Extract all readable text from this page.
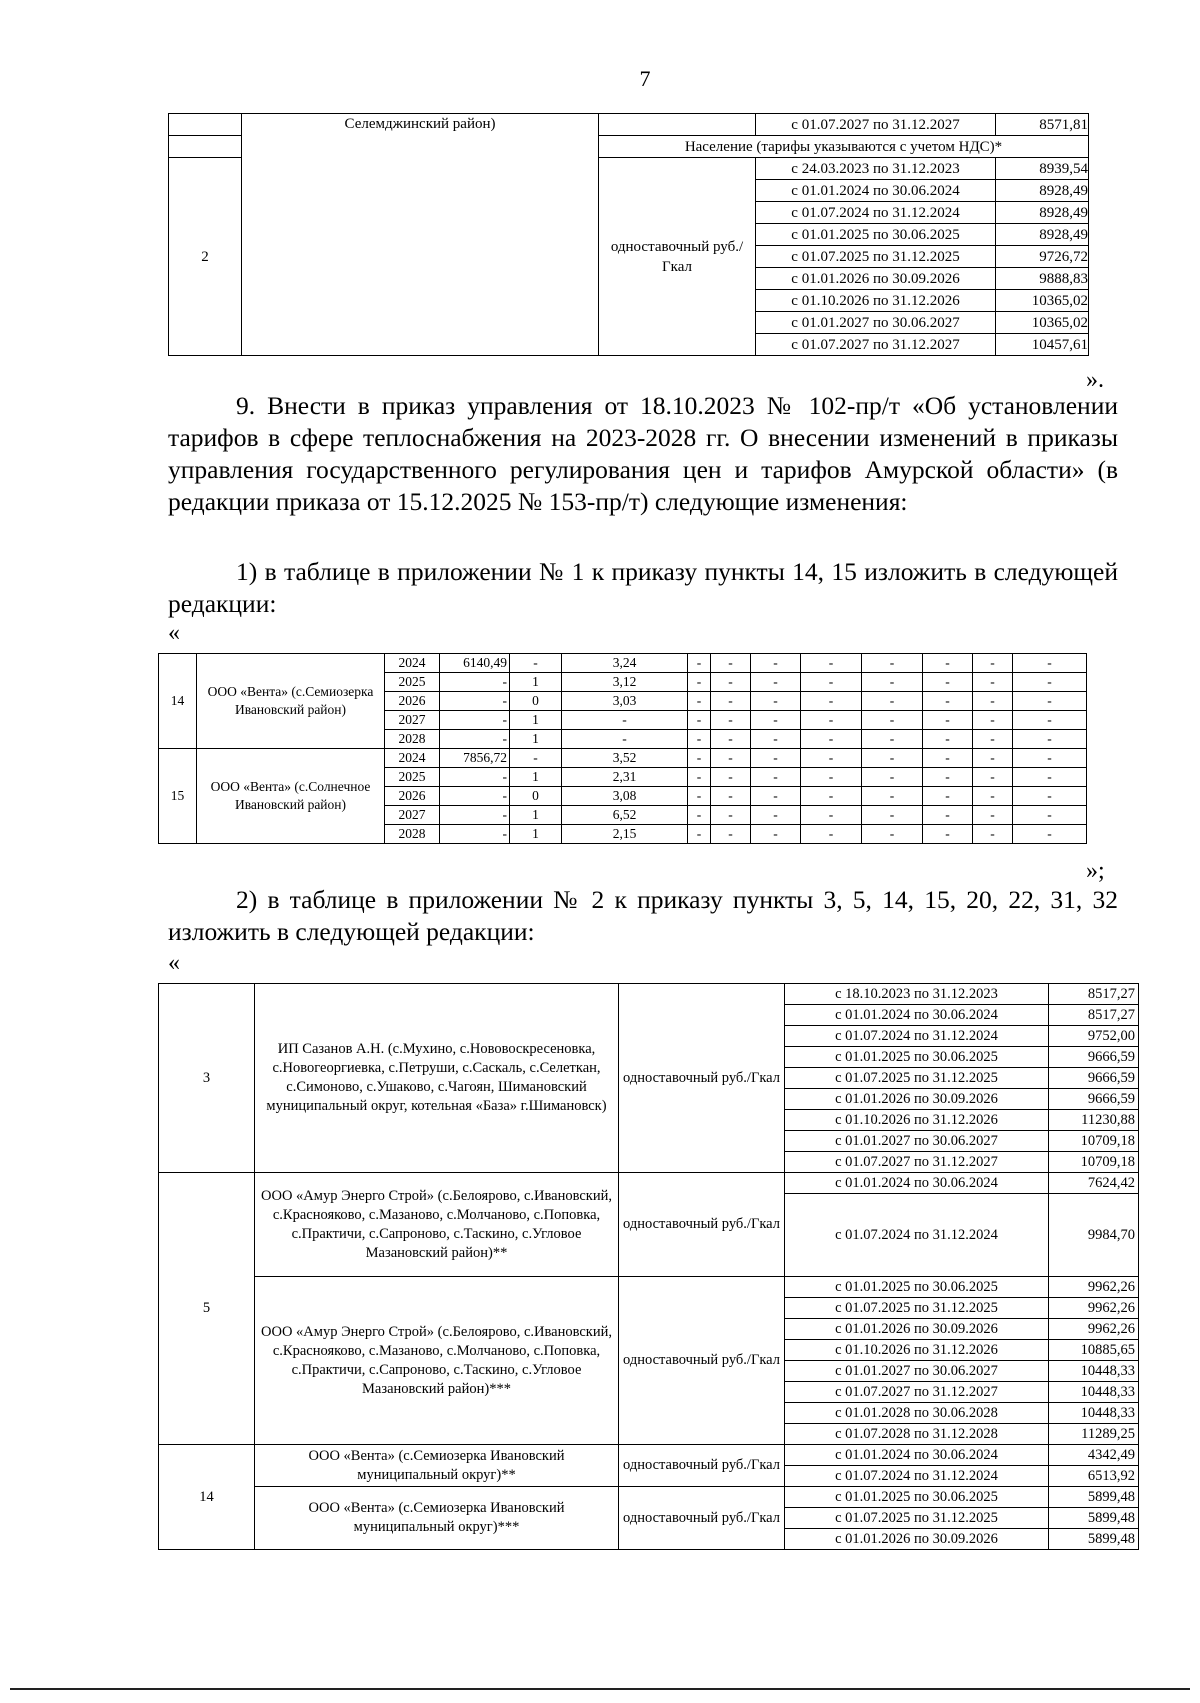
7
	Селемджинский район)		с 01.07.2027 по 31.12.2027	8571,81
		Население (тарифы указываются с учетом НДС)*		
2		одноставочный руб./Гкал	с 24.03.2023 по 31.12.2023	8939,54
			с 01.01.2024 по 30.06.2024	8928,49
			с 01.07.2024 по 31.12.2024	8928,49
			с 01.01.2025 по 30.06.2025	8928,49
			с 01.07.2025 по 31.12.2025	9726,72
			с 01.01.2026 по 30.09.2026	9888,83
			с 01.10.2026 по 31.12.2026	10365,02
			с 01.01.2027 по 30.06.2027	10365,02
			с 01.07.2027 по 31.12.2027	10457,61
».
9. Внести в приказ управления от 18.10.2023 № 102-пр/т «Об установлении тарифов в сфере теплоснабжения на 2023-2028 гг. О внесении изменений в приказы управления государственного регулирования цен и тарифов Амурской области» (в редакции приказа от 15.12.2025 № 153-пр/т) следующие изменения:
1) в таблице в приложении № 1 к приказу пункты 14, 15 изложить в следующей редакции:
«
14	ООО «Вента» (с.Семиозерка Ивановский район)	2024	6140,49	-	3,24	-	-	-	-	-	-	-	-
		2025	-	1	3,12	-	-	-	-	-	-	-	-
		2026	-	0	3,03	-	-	-	-	-	-	-	-
		2027	-	1	-	-	-	-	-	-	-	-	-
		2028	-	1	-	-	-	-	-	-	-	-	-
15	ООО «Вента» (с.Солнечное Ивановский район)	2024	7856,72	-	3,52	-	-	-	-	-	-	-	-
		2025	-	1	2,31	-	-	-	-	-	-	-	-
		2026	-	0	3,08	-	-	-	-	-	-	-	-
		2027	-	1	6,52	-	-	-	-	-	-	-	-
		2028	-	1	2,15	-	-	-	-	-	-	-	-
»;
2) в таблице в приложении № 2 к приказу пункты 3, 5, 14, 15, 20, 22, 31, 32 изложить в следующей редакции:
«
3	ИП Сазанов А.Н. (с.Мухино, с.Нововоскресеновка, с.Новогеоргиевка, с.Петруши, с.Саскаль, с.Селеткан, с.Симоново, с.Ушаково, с.Чагоян, Шимановский муниципальный округ, котельная «База» г.Шимановск)	одноставочный руб./Гкал	с 18.10.2023 по 31.12.2023	8517,27
			с 01.01.2024 по 30.06.2024	8517,27
			с 01.07.2024 по 31.12.2024	9752,00
			с 01.01.2025 по 30.06.2025	9666,59
			с 01.07.2025 по 31.12.2025	9666,59
			с 01.01.2026 по 30.09.2026	9666,59
			с 01.10.2026 по 31.12.2026	11230,88
			с 01.01.2027 по 30.06.2027	10709,18
			с 01.07.2027 по 31.12.2027	10709,18
5	ООО «Амур Энерго Строй» (с.Белоярово, с.Ивановский, с.Краснояково, с.Мазаново, с.Молчаново, с.Поповка, с.Практичи, с.Сапроново, с.Таскино, с.Угловое Мазановский район)**	одноставочный руб./Гкал	с 01.01.2024 по 30.06.2024	7624,42
			с 01.07.2024 по 31.12.2024	9984,70
	ООО «Амур Энерго Строй» (с.Белоярово, с.Ивановский, с.Краснояково, с.Мазаново, с.Молчаново, с.Поповка, с.Практичи, с.Сапроново, с.Таскино, с.Угловое Мазановский район)***	одноставочный руб./Гкал	с 01.01.2025 по 30.06.2025	9962,26
			с 01.07.2025 по 31.12.2025	9962,26
			с 01.01.2026 по 30.09.2026	9962,26
			с 01.10.2026 по 31.12.2026	10885,65
			с 01.01.2027 по 30.06.2027	10448,33
			с 01.07.2027 по 31.12.2027	10448,33
			с 01.01.2028 по 30.06.2028	10448,33
			с 01.07.2028 по 31.12.2028	11289,25
14	ООО «Вента» (с.Семиозерка Ивановский муниципальный округ)**	одноставочный руб./Гкал	с 01.01.2024 по 30.06.2024	4342,49
			с 01.07.2024 по 31.12.2024	6513,92
	ООО «Вента» (с.Семиозерка Ивановский муниципальный округ)***	одноставочный руб./Гкал	с 01.01.2025 по 30.06.2025	5899,48
			с 01.07.2025 по 31.12.2025	5899,48
			с 01.01.2026 по 30.09.2026	5899,48
